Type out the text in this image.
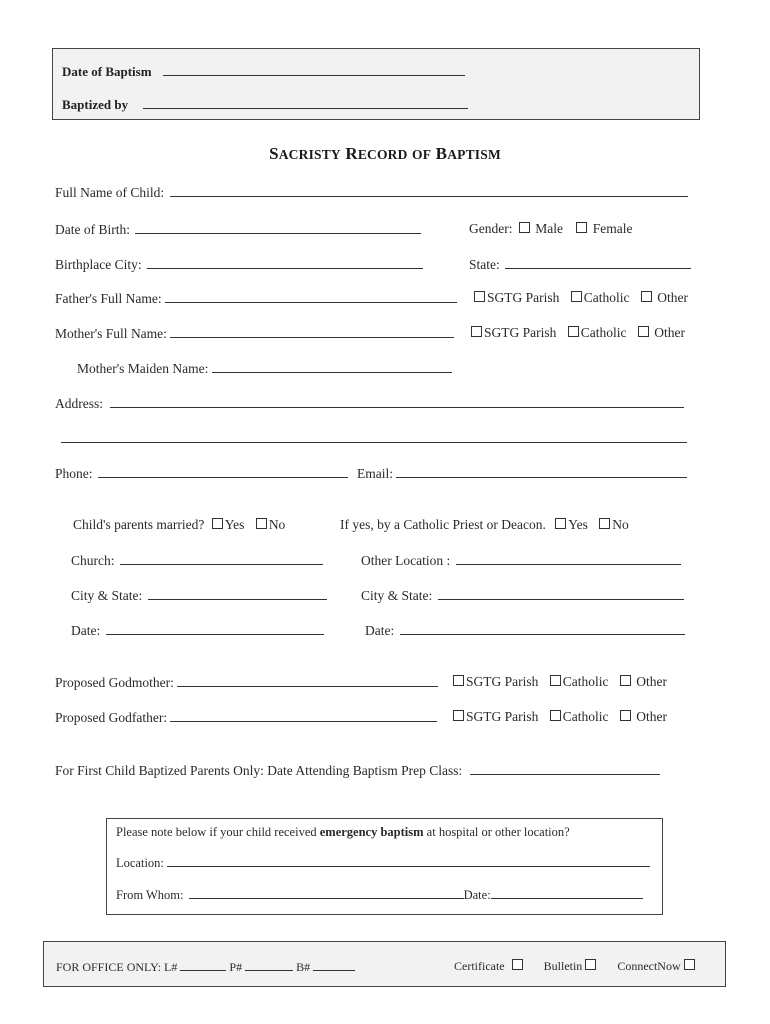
Date of Baptism
Baptized by
SACRISTY RECORD OF BAPTISM
Full Name of Child:
Date of Birth:	Gender: Male Female
Birthplace City:	State:
Father's Full Name:	SGTG Parish Catholic Other
Mother's Full Name:	SGTG Parish Catholic Other
Mother's Maiden Name:
Address:
Phone:	Email:
Child's parents married? Yes No	If yes, by a Catholic Priest or Deacon. Yes No
Church:	Other Location :
City & State:	City & State:
Date:	Date:
Proposed Godmother:	SGTG Parish Catholic Other
Proposed Godfather:	SGTG Parish Catholic Other
For First Child Baptized Parents Only: Date Attending Baptism Prep Class:
Please note below if your child received emergency baptism at hospital or other location?
Location:
From Whom:	Date:
FOR OFFICE ONLY: L#	P#	B#	Certificate	Bulletin	ConnectNow
